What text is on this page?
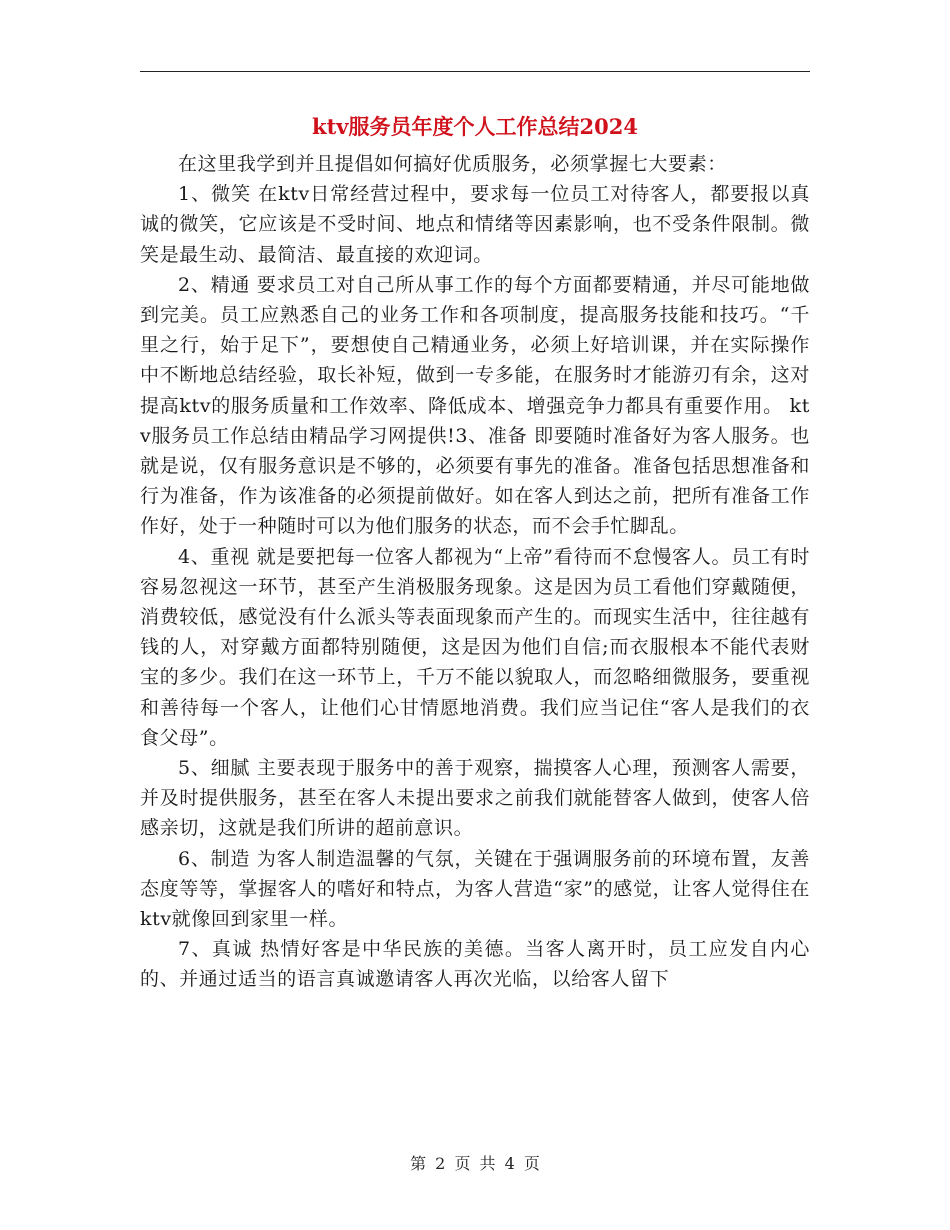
ktv服务员年度个人工作总结2024

在这里我学到并且提倡如何搞好优质服务，必须掌握七大要素：

1、微笑 在ktv日常经营过程中，要求每一位员工对待客人，都要报以真诚的微笑，它应该是不受时间、地点和情绪等因素影响，也不受条件限制。微笑是最生动、最简洁、最直接的欢迎词。

2、精通 要求员工对自己所从事工作的每个方面都要精通，并尽可能地做到完美。员工应熟悉自己的业务工作和各项制度，提高服务技能和技巧。“千里之行，始于足下”，要想使自己精通业务，必须上好培训课，并在实际操作中不断地总结经验，取长补短，做到一专多能，在服务时才能游刃有余，这对提高ktv的服务质量和工作效率、降低成本、增强竞争力都具有重要作用。 ktv服务员工作总结由精品学习网提供!3、准备 即要随时准备好为客人服务。也就是说，仅有服务意识是不够的，必须要有事先的准备。准备包括思想准备和行为准备，作为该准备的必须提前做好。如在客人到达之前，把所有准备工作作好，处于一种随时可以为他们服务的状态，而不会手忙脚乱。

4、重视 就是要把每一位客人都视为“上帝”看待而不怠慢客人。员工有时容易忽视这一环节，甚至产生消极服务现象。这是因为员工看他们穿戴随便，消费较低，感觉没有什么派头等表面现象而产生的。而现实生活中，往往越有钱的人，对穿戴方面都特别随便，这是因为他们自信;而衣服根本不能代表财宝的多少。我们在这一环节上，千万不能以貌取人，而忽略细微服务，要重视和善待每一个客人，让他们心甘情愿地消费。我们应当记住“客人是我们的衣食父母”。

5、细腻 主要表现于服务中的善于观察，揣摸客人心理，预测客人需要，并及时提供服务，甚至在客人未提出要求之前我们就能替客人做到，使客人倍感亲切，这就是我们所讲的超前意识。

6、制造 为客人制造温馨的气氛，关键在于强调服务前的环境布置，友善态度等等，掌握客人的嗜好和特点，为客人营造“家”的感觉，让客人觉得住在ktv就像回到家里一样。

7、真诚 热情好客是中华民族的美德。当客人离开时，员工应发自内心的、并通过适当的语言真诚邀请客人再次光临，以给客人留下

第 2 页 共 4 页
